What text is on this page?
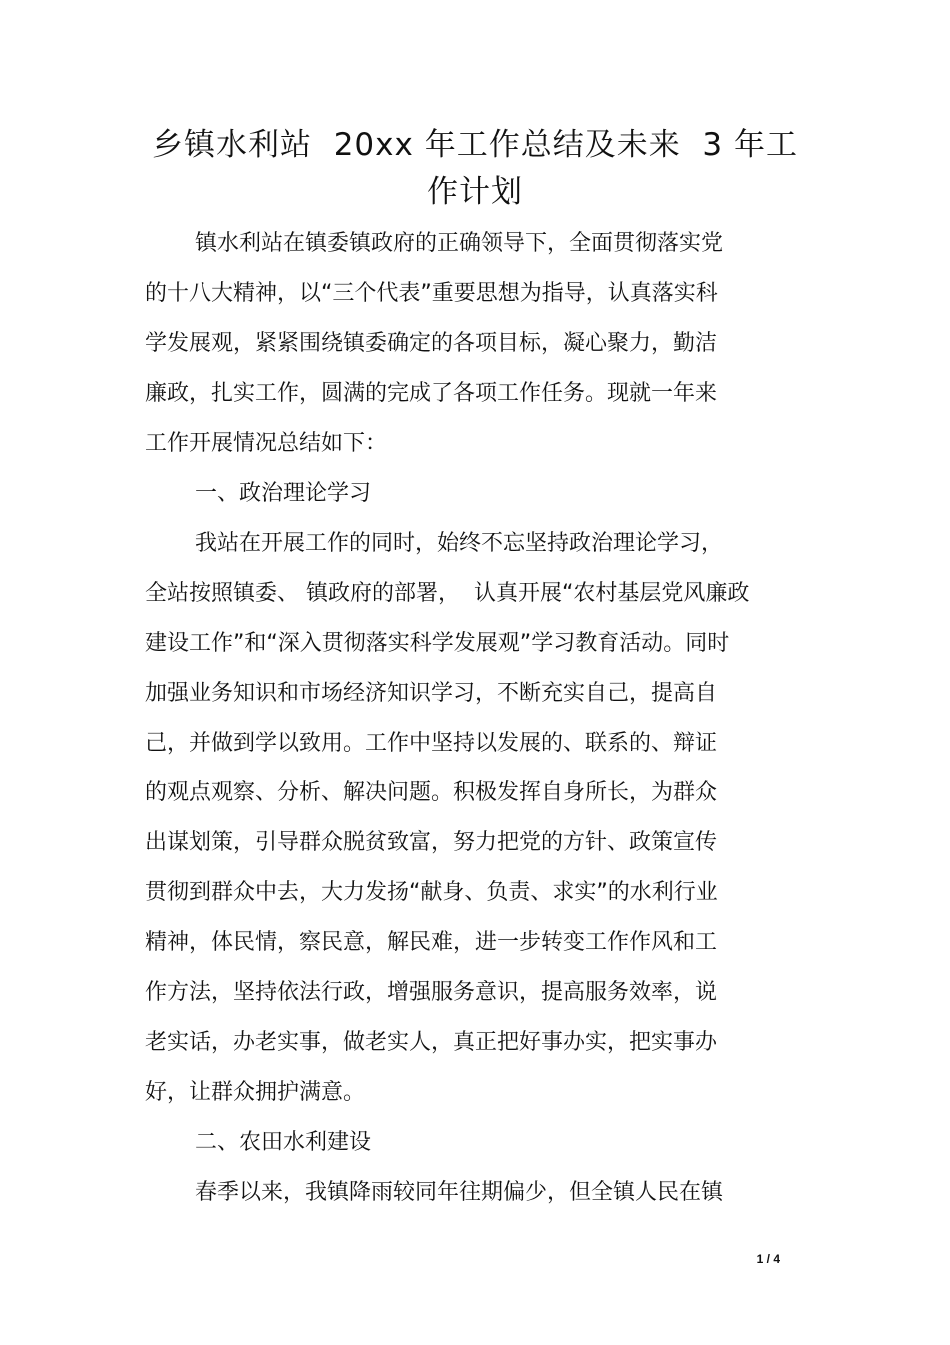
乡镇水利站  20xx 年工作总结及未来  3 年工
作计划

镇水利站在镇委镇政府的正确领导下，全面贯彻落实党

的十八大精神，以“三个代表”重要思想为指导，认真落实科

学发展观，紧紧围绕镇委确定的各项目标，凝心聚力，勤洁

廉政，扎实工作，圆满的完成了各项工作任务。现就一年来

工作开展情况总结如下：

一、政治理论学习

我站在开展工作的同时，始终不忘坚持政治理论学习，

全站按照镇委、 镇政府的部署，  认真开展“农村基层党风廉政

建设工作”和“深入贯彻落实科学发展观”学习教育活动。同时

加强业务知识和市场经济知识学习，不断充实自己，提高自

己，并做到学以致用。工作中坚持以发展的、联系的、辩证

的观点观察、分析、解决问题。积极发挥自身所长，为群众

出谋划策，引导群众脱贫致富，努力把党的方针、政策宣传

贯彻到群众中去，大力发扬“献身、负责、求实”的水利行业

精神，体民情，察民意，解民难，进一步转变工作作风和工

作方法，坚持依法行政，增强服务意识，提高服务效率，说

老实话，办老实事，做老实人，真正把好事办实，把实事办

好，让群众拥护满意。

二、农田水利建设

春季以来，我镇降雨较同年往期偏少，但全镇人民在镇

1 / 4
